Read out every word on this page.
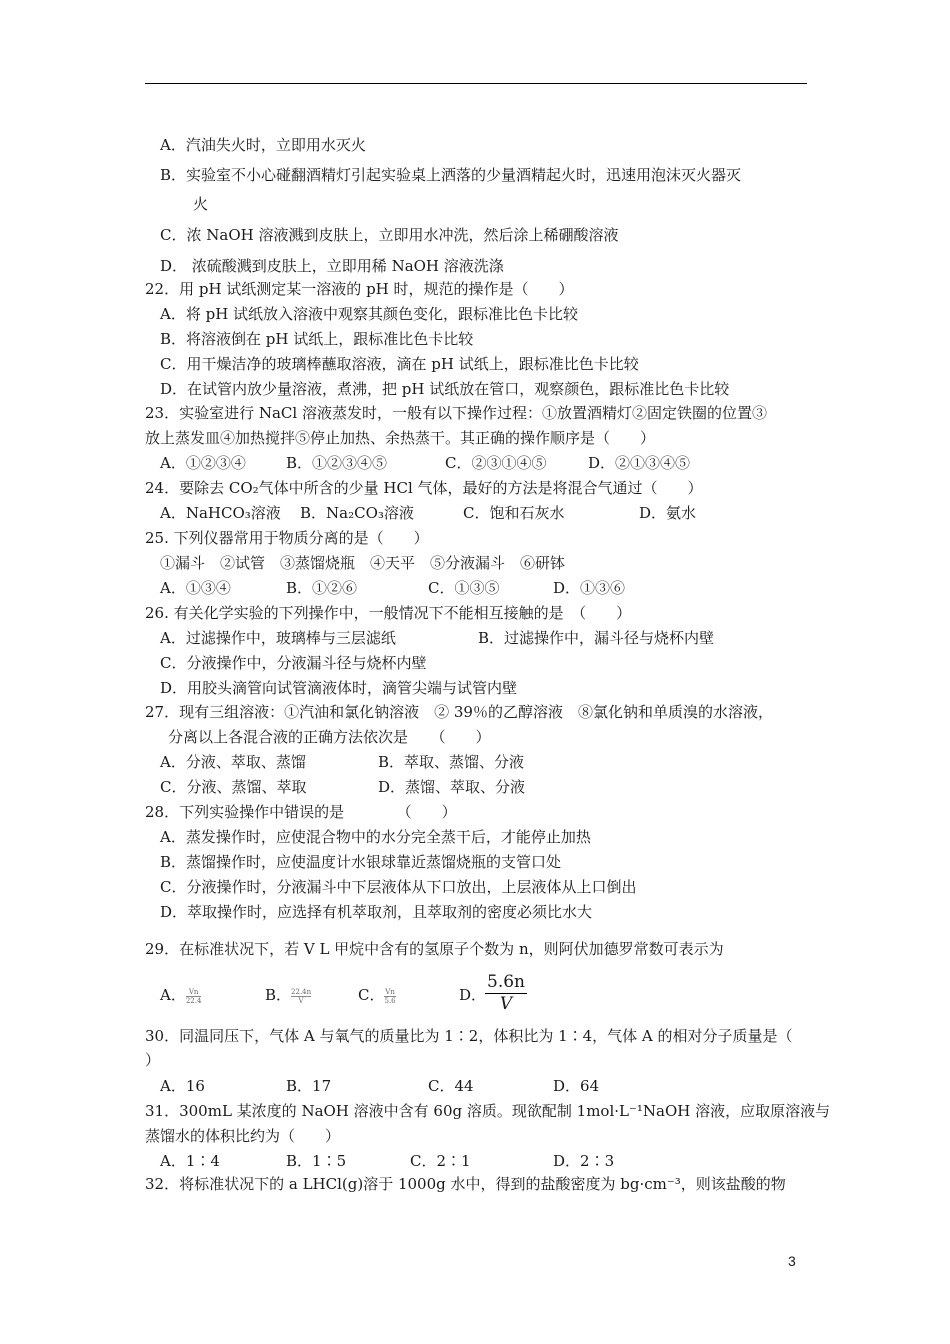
A．汽油失火时，立即用水灭火
B．实验室不小心碰翻酒精灯引起实验桌上洒落的少量酒精起火时，迅速用泡沫灭火器灭
火
C．浓 NaOH 溶液溅到皮肤上，立即用水冲洗，然后涂上稀硼酸溶液
D． 浓硫酸溅到皮肤上，立即用稀 NaOH 溶液洗涤
22．用 pH 试纸测定某一溶液的 pH 时，规范的操作是（　　）
A．将 pH 试纸放入溶液中观察其颜色变化，跟标准比色卡比较
B．将溶液倒在 pH 试纸上，跟标准比色卡比较
C．用干燥洁净的玻璃棒蘸取溶液，滴在 pH 试纸上，跟标准比色卡比较
D．在试管内放少量溶液，煮沸，把 pH 试纸放在管口，观察颜色，跟标准比色卡比较
23．实验室进行 NaCl 溶液蒸发时，一般有以下操作过程：①放置酒精灯②固定铁圈的位置③
放上蒸发皿④加热搅拌⑤停止加热、余热蒸干。其正确的操作顺序是（　　）
A．①②③④	B．①②③④⑤	C．②③①④⑤	D．②①③④⑤
24．要除去 CO₂气体中所含的少量 HCl 气体，最好的方法是将混合气通过（　　）
A．NaHCO₃溶液 B．Na₂CO₃溶液	C．饱和石灰水	D．氨水
25. 下列仪器常用于物质分离的是（　　）
①漏斗　②试管　③蒸馏烧瓶　④天平　⑤分液漏斗　⑥研钵
A．①③④	B．①②⑥	C．①③⑤	D．①③⑥
26. 有关化学实验的下列操作中，一般情况下不能相互接触的是　（　　）
A．过滤操作中，玻璃棒与三层滤纸	B．过滤操作中，漏斗径与烧杯内壁
C．分液操作中，分液漏斗径与烧杯内壁
D．用胶头滴管向试管滴液体时，滴管尖端与试管内壁
27．现有三组溶液：①汽油和氯化钠溶液　② 39％的乙醇溶液　⑧氯化钠和单质溴的水溶液，
分离以上各混合液的正确方法依次是　　（　　）
A．分液、萃取、蒸馏	B．萃取、蒸馏、分液
C．分液、蒸馏、萃取	D．蒸馏、萃取、分液
28．下列实验操作中错误的是　　　　（　　）
A．蒸发操作时，应使混合物中的水分完全蒸干后，才能停止加热
B．蒸馏操作时，应使温度计水银球靠近蒸馏烧瓶的支管口处
C．分液操作时，分液漏斗中下层液体从下口放出，上层液体从上口倒出
D．萃取操作时，应选择有机萃取剂，且萃取剂的密度必须比水大
29．在标准状况下，若 V L 甲烷中含有的氢原子个数为 n，则阿伏加德罗常数可表示为
A． $\frac{Vn}{22.4}$	B． $\frac{22.4n}{V}$	C． $\frac{Vn}{5.6}$	D．
$\frac{5.6n}{V}$
30．同温同压下，气体 A 与氧气的质量比为 1∶2，体积比为 1∶4，气体 A 的相对分子质量是（
）
A．16	B．17	C．44	D．64
31．300mL 某浓度的 NaOH 溶液中含有 60g 溶质。现欲配制 1mol·L⁻¹NaOH 溶液，应取原溶液与
蒸馏水的体积比约为（　　）
A．1∶4	B．1∶5	C．2∶1	D．2∶3
32．将标准状况下的 a LHCl(g)溶于 1000g 水中，得到的盐酸密度为 bg·cm⁻³，则该盐酸的物
3
